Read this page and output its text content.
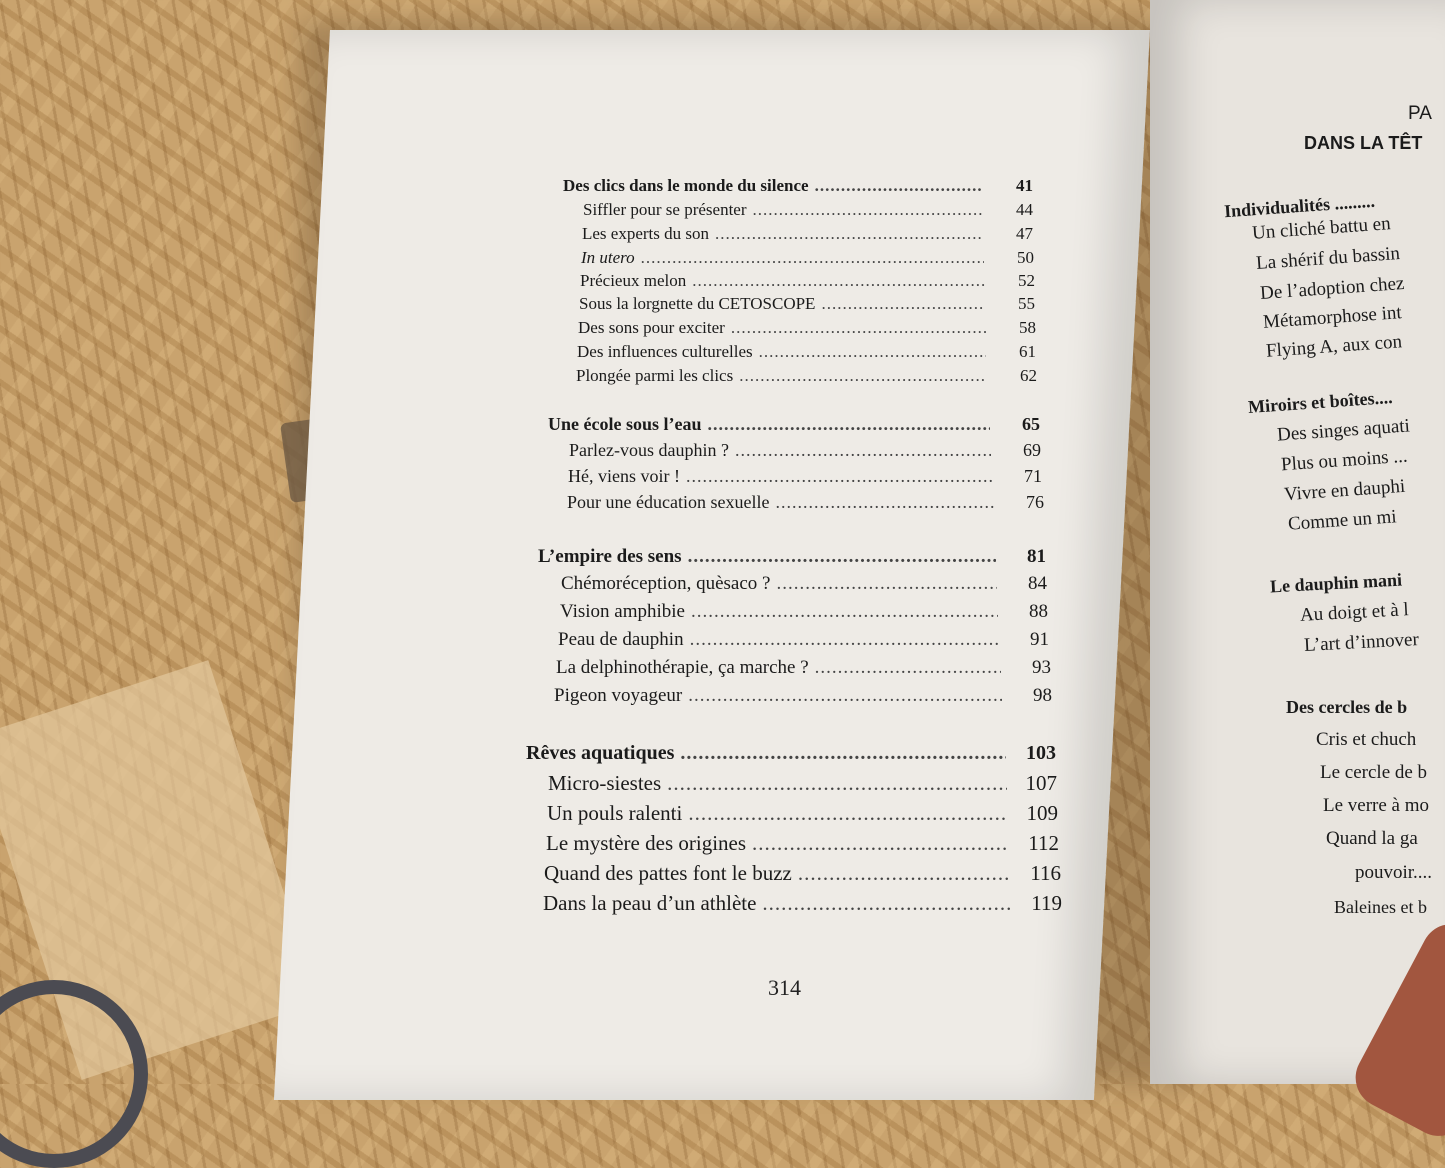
Des clics dans le monde du silence .....	41
Siffler pour se présenter .....	44
Les experts du son .....	47
In utero .....	50
Précieux melon .....	52
Sous la lorgnette du CETOSCOPE .....	55
Des sons pour exciter .....	58
Des influences culturelles .....	61
Plongée parmi les clics .....	62
Une école sous l’eau .....	65
Parlez-vous dauphin ? .....	69
Hé, viens voir ! .....	71
Pour une éducation sexuelle .....	76
L’empire des sens .....	81
Chémoréception, quèsaco ? .....	84
Vision amphibie .....	88
Peau de dauphin .....	91
La delphinothérapie, ça marche ? .....	93
Pigeon voyageur .....	98
Rêves aquatiques .....	103
Micro-siestes .....	107
Un pouls ralenti .....	109
Le mystère des origines .....	112
Quand des pattes font le buzz .....	116
Dans la peau d’un athlète .....	119
314
PA
DANS LA TÊT
Individualités .........
Un cliché battu en
La shérif du bassin
De l’adoption chez
Métamorphose int
Flying A, aux con
Miroirs et boîtes....
Des singes aquati
Plus ou moins ...
Vivre en dauphi
Comme un mi
Le dauphin mani
Au doigt et à l
L’art d’innover
Des cercles de b
Cris et chuch
Le cercle de b
Le verre à mo
Quand la ga
pouvoir....
Baleines et b
